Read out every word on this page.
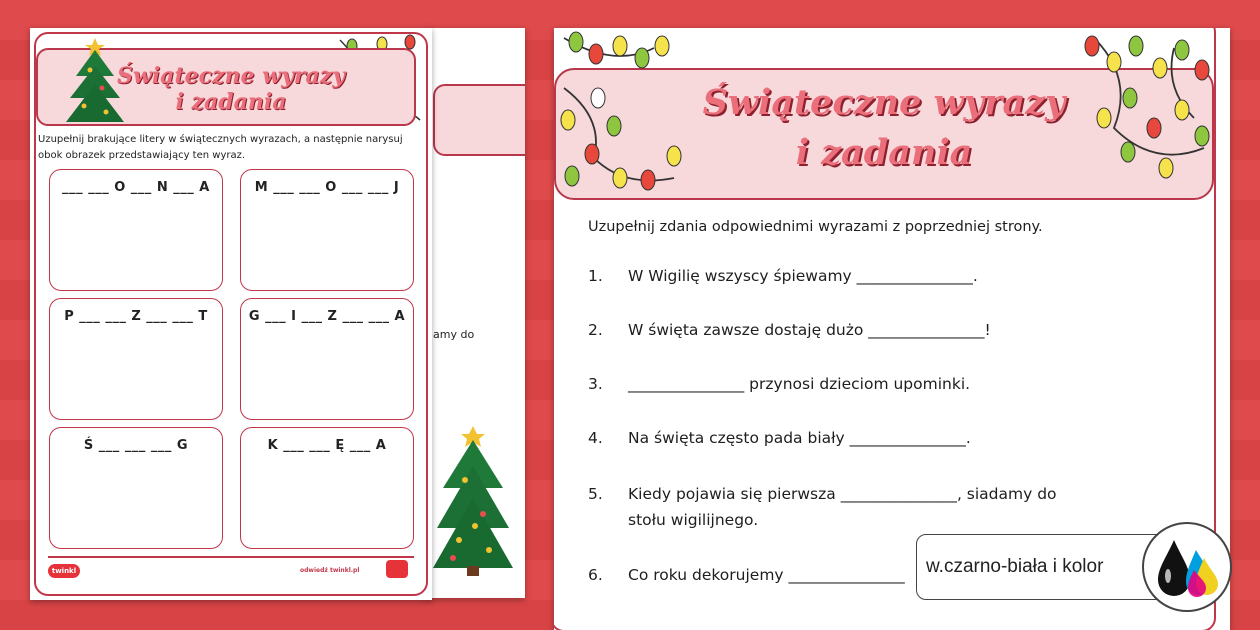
amy do
Świąteczne wyrazy
i zadania
Uzupełnij brakujące litery w świątecznych wyrazach, a następnie narysuj obok obrazek przedstawiający ten wyraz.
___ ___ O ___ N ___ A	M ___ ___ O ___ ___ J
P ___ ___ Z ___ ___ T	G ___ I ___ Z ___ ___ A
Ś ___ ___ ___ G	K ___ ___ Ę ___ A
twinkl	odwiedź twinkl.pl
Świąteczne wyrazy
i zadania
Uzupełnij zdania odpowiednimi wyrazami z poprzedniej strony.
1. W Wigilię wszyscy śpiewamy _______________.
2. W święta zawsze dostaję dużo _______________!
3. _______________ przynosi dzieciom upominki.
4. Na święta często pada biały _______________.
5. Kiedy pojawia się pierwsza _______________, siadamy do
stołu wigilijnego.
6. Co roku dekorujemy _______________ w.czarno-biała i kolor
